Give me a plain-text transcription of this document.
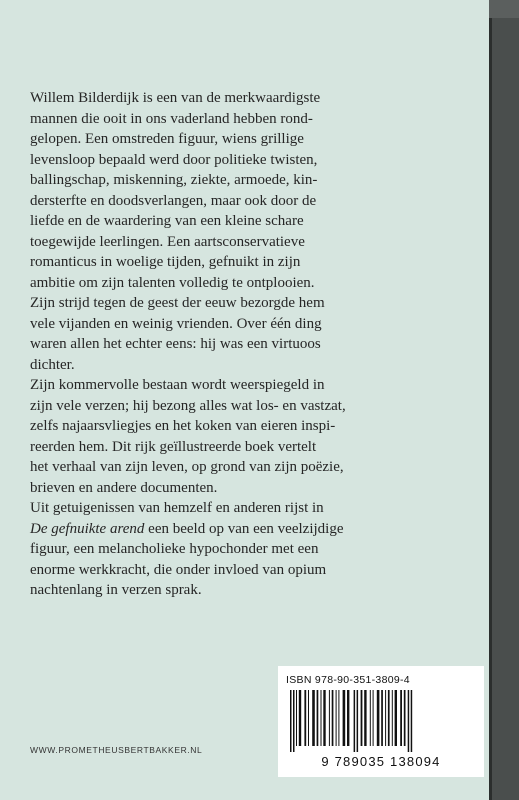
Willem Bilderdijk is een van de merkwaardigste
mannen die ooit in ons vaderland hebben rond-
gelopen. Een omstreden figuur, wiens grillige
levensloop bepaald werd door politieke twisten,
ballingschap, miskenning, ziekte, armoede, kin-
dersterfte en doodsverlangen, maar ook door de
liefde en de waardering van een kleine schare
toegewijde leerlingen. Een aartsconservatieve
romanticus in woelige tijden, gefnuikt in zijn
ambitie om zijn talenten volledig te ontplooien.
Zijn strijd tegen de geest der eeuw bezorgde hem
vele vijanden en weinig vrienden. Over één ding
waren allen het echter eens: hij was een virtuoos
dichter.

Zijn kommervolle bestaan wordt weerspiegeld in
zijn vele verzen; hij bezong alles wat los- en vastzat,
zelfs najaarsvliegjes en het koken van eieren inspi-
reerden hem. Dit rijk geïllustreerde boek vertelt
het verhaal van zijn leven, op grond van zijn poëzie,
brieven en andere documenten.

Uit getuigenissen van hemzelf en anderen rijst in
De gefnuikte arend een beeld op van een veelzijdige
figuur, een melancholieke hypochonder met een
enorme werkkracht, die onder invloed van opium
nachtenlang in verzen sprak.

ISBN 978-90-351-3809-4
9 789035 138094
WWW.PROMETHEUSBERTBAKKER.NL
